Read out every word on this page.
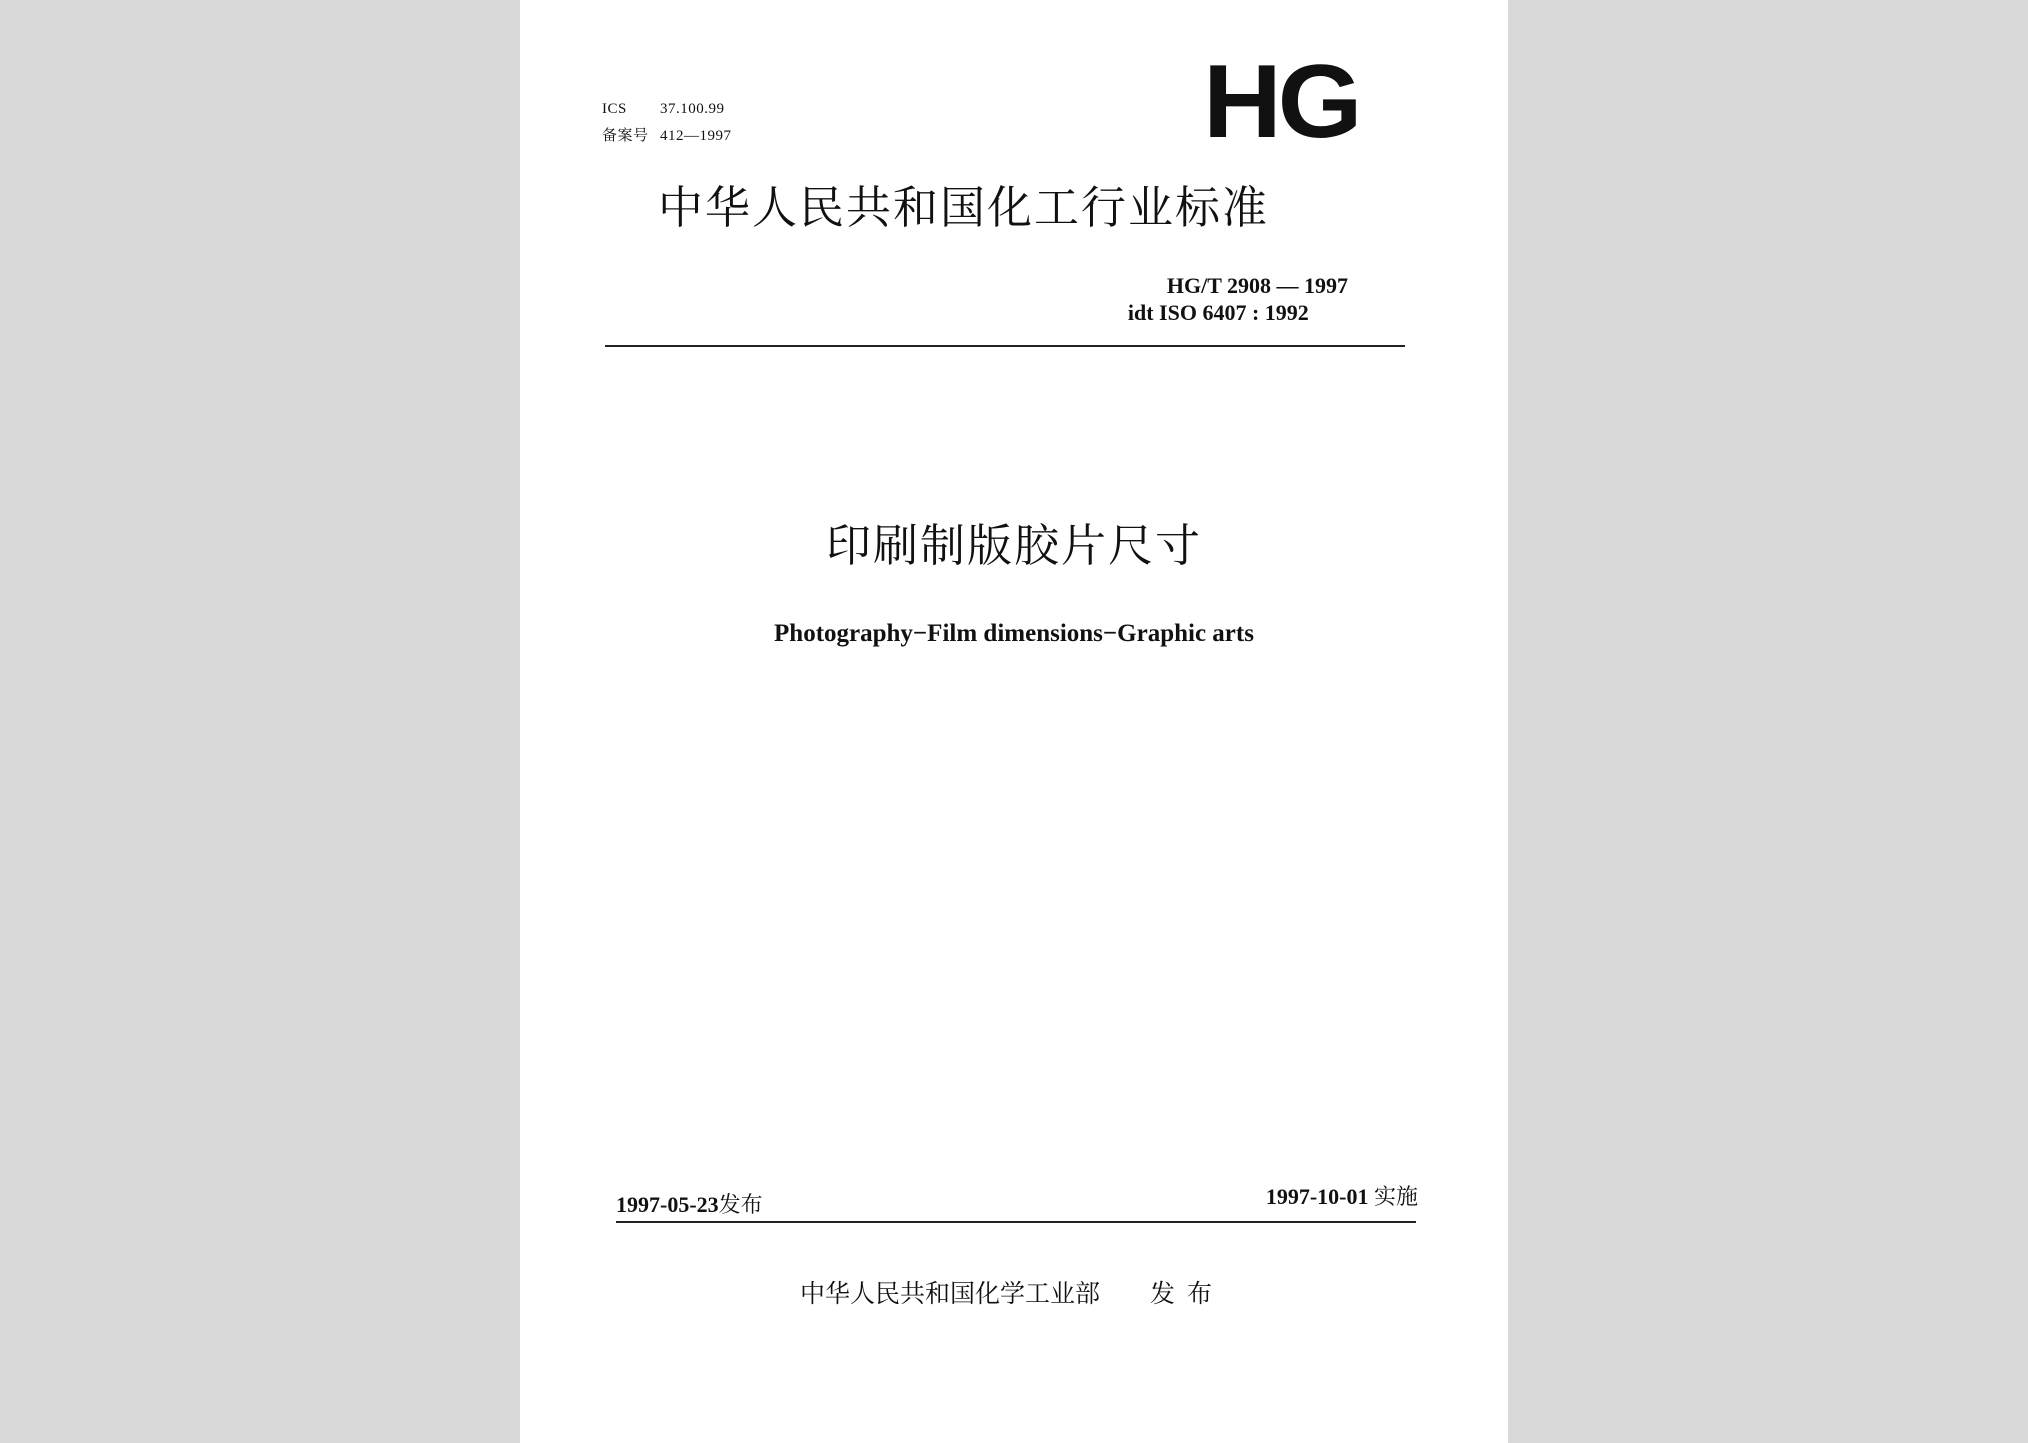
ICS 37.100.99
备案号 412—1997	HG
中华人民共和国化工行业标准
HG/T 2908 — 1997
idt ISO 6407 : 1992
印刷制版胶片尺寸
Photography−Film dimensions−Graphic arts
1997-05-23发布	1997-10-01 实施
中华人民共和国化学工业部 发布
